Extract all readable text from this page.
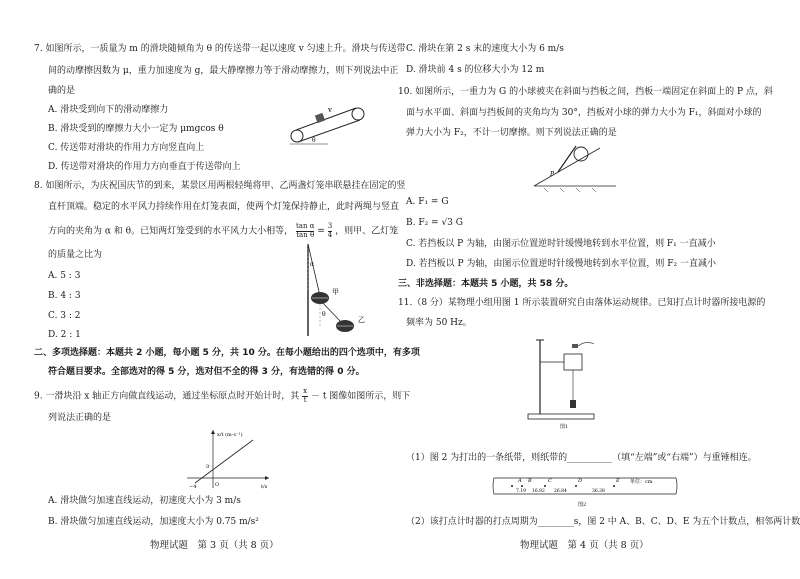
7. 如图所示，一质量为 m 的滑块随倾角为 θ 的传送带一起以速度 v 匀速上升。滑块与传送带
间的动摩擦因数为 μ，重力加速度为 g，最大静摩擦力等于滑动摩擦力，则下列说法中正
确的是
A. 滑块受到向下的滑动摩擦力
B. 滑块受到的摩擦力大小一定为 μmgcos θ
C. 传送带对滑块的作用力方向竖直向上
D. 传送带对滑块的作用力方向垂直于传送带向上
v
θ
8. 如图所示，为庆祝国庆节的到来，某景区用两根轻绳将甲、乙两盏灯笼串联悬挂在固定的竖
直杆顶端。稳定的水平风力持续作用在灯笼表面，使两个灯笼保持静止，此时两绳与竖直
方向的夹角为 α 和 θ。已知两灯笼受到的水平风力大小相等， $\frac{\text{tan α}}{\text{tan θ}} = \frac{3}{4}$ ，则甲、乙灯笼
的质量之比为
A. 5 : 3
B. 4 : 3
C. 3 : 2
D. 2 : 1
甲
乙
α
θ
二、多项选择题：本题共 2 小题，每小题 5 分，共 10 分。在每小题给出的四个选项中，有多项
符合题目要求。全部选对的得 5 分，选对但不全的得 3 分，有选错的得 0 分。
9. 一滑块沿 x 轴正方向做直线运动，通过坐标原点时开始计时，其 $\frac{x}{t} - t$ 图像如图所示，则下
列说法正确的是
x/t (m·s⁻¹)
t/s
3
−4	O
A. 滑块做匀加速直线运动，初速度大小为 3 m/s
B. 滑块做匀加速直线运动，加速度大小为 0.75 m/s²
物理试题　第 3 页（共 8 页）
C. 滑块在第 2 s 末的速度大小为 6 m/s
D. 滑块前 4 s 的位移大小为 12 m
10. 如图所示，一重力为 G 的小球被夹在斜面与挡板之间，挡板一端固定在斜面上的 P 点，斜
面与水平面、斜面与挡板间的夹角均为 30°，挡板对小球的弹力大小为 F₁，斜面对小球的
弹力大小为 F₂，不计一切摩擦。则下列说法正确的是
P
A. F₁ = G
B. F₂ = √3 G
C. 若挡板以 P 为轴，由图示位置逆时针缓慢地转到水平位置，则 F₁ 一直减小
D. 若挡板以 P 为轴，由图示位置逆时针缓慢地转到水平位置，则 F₂ 一直减小
三、非选择题：本题共 5 小题，共 58 分。
11.（8 分）某物理小组用图 1 所示装置研究自由落体运动规律。已知打点计时器所接电源的
频率为 50 Hz。
图1
（1）图 2 为打出的一条纸带，则纸带的__________（填“左端”或“右端”）与重锤相连。
A B	C	D	E 单位：cm
7.19 16.92 26.84	36.38
图2
（2）该打点计时器的打点周期为________s，图 2 中 A、B、C、D、E 为五个计数点，相邻两计数
物理试题　第 4 页（共 8 页）
